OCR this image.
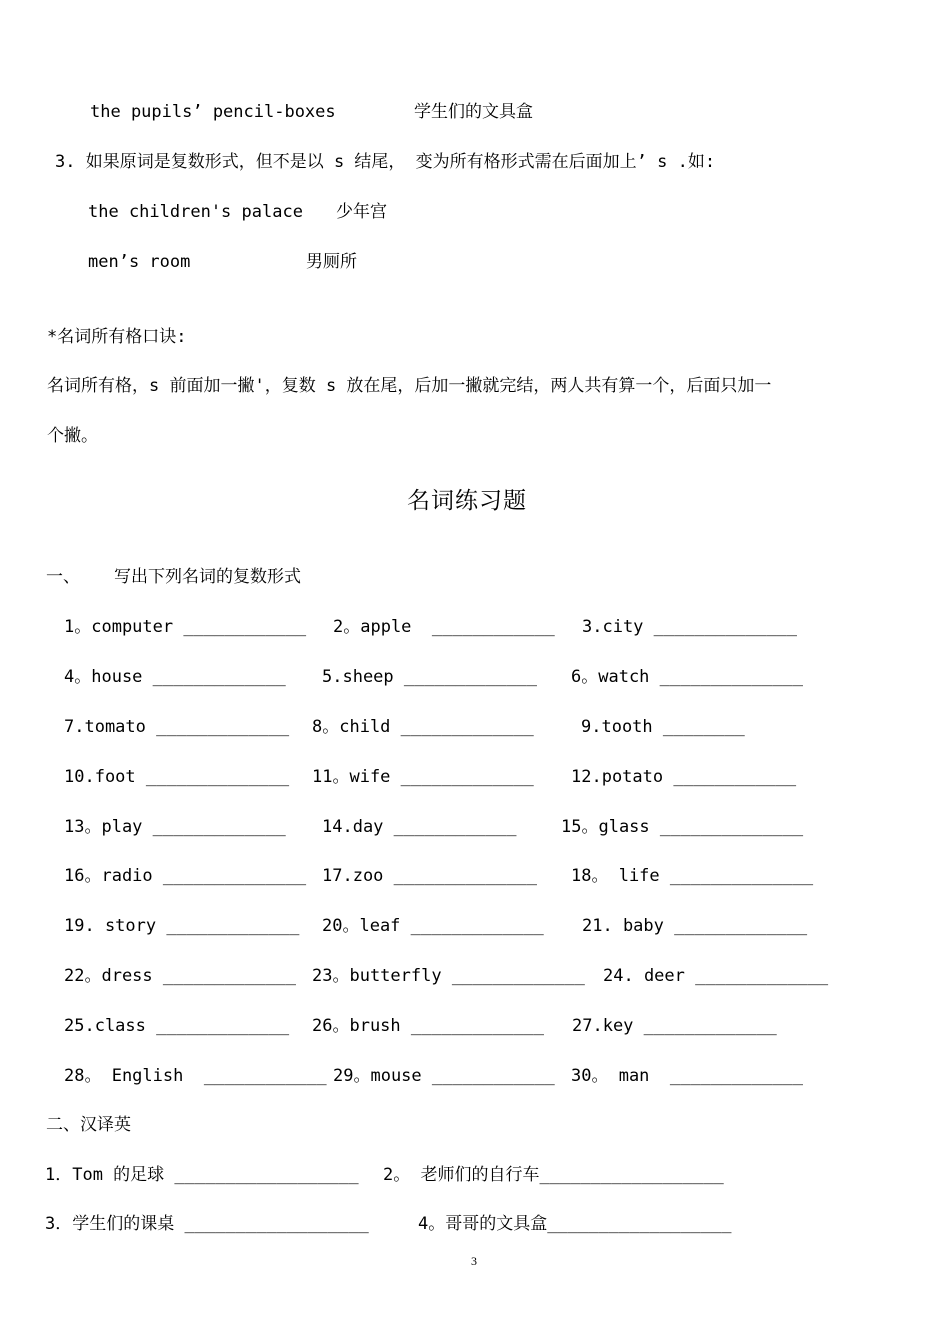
the pupils’ pencil-boxes	学生们的文具盒
3. 如果原词是复数形式，但不是以 s 结尾， 变为所有格形式需在后面加上’ s .如:
the children's palace 少年宫
men’s room	男厕所
*名词所有格口诀:
名词所有格，s 前面加一撇'，复数 s 放在尾，后加一撇就完结，两人共有算一个，后面只加一
个撇。
名词练习题
一、 写出下列名词的复数形式
1。computer ____________ 2。apple  ____________ 3.city ______________
4。house _____________ 5.sheep _____________ 6。watch ______________
7.tomato _____________ 8。child _____________	9.tooth ________
10.foot ______________ 11。wife _____________ 12.potato ____________
13。play _____________ 14.day ____________	15。glass ______________
16。radio ______________ 17.zoo ______________ 18。 life ______________
19. story _____________ 20。leaf _____________ 21. baby _____________
22。dress _____________ 23。butterfly _____________ 24. deer _____________
25.class _____________ 26。brush _____________ 27.key _____________
28。 English  ____________ 29。mouse ____________ 30。 man  _____________
二、汉译英
1．Tom 的足球 __________________ 2。 老师们的自行车__________________
3．学生们的课桌 __________________	4。哥哥的文具盒__________________
3
